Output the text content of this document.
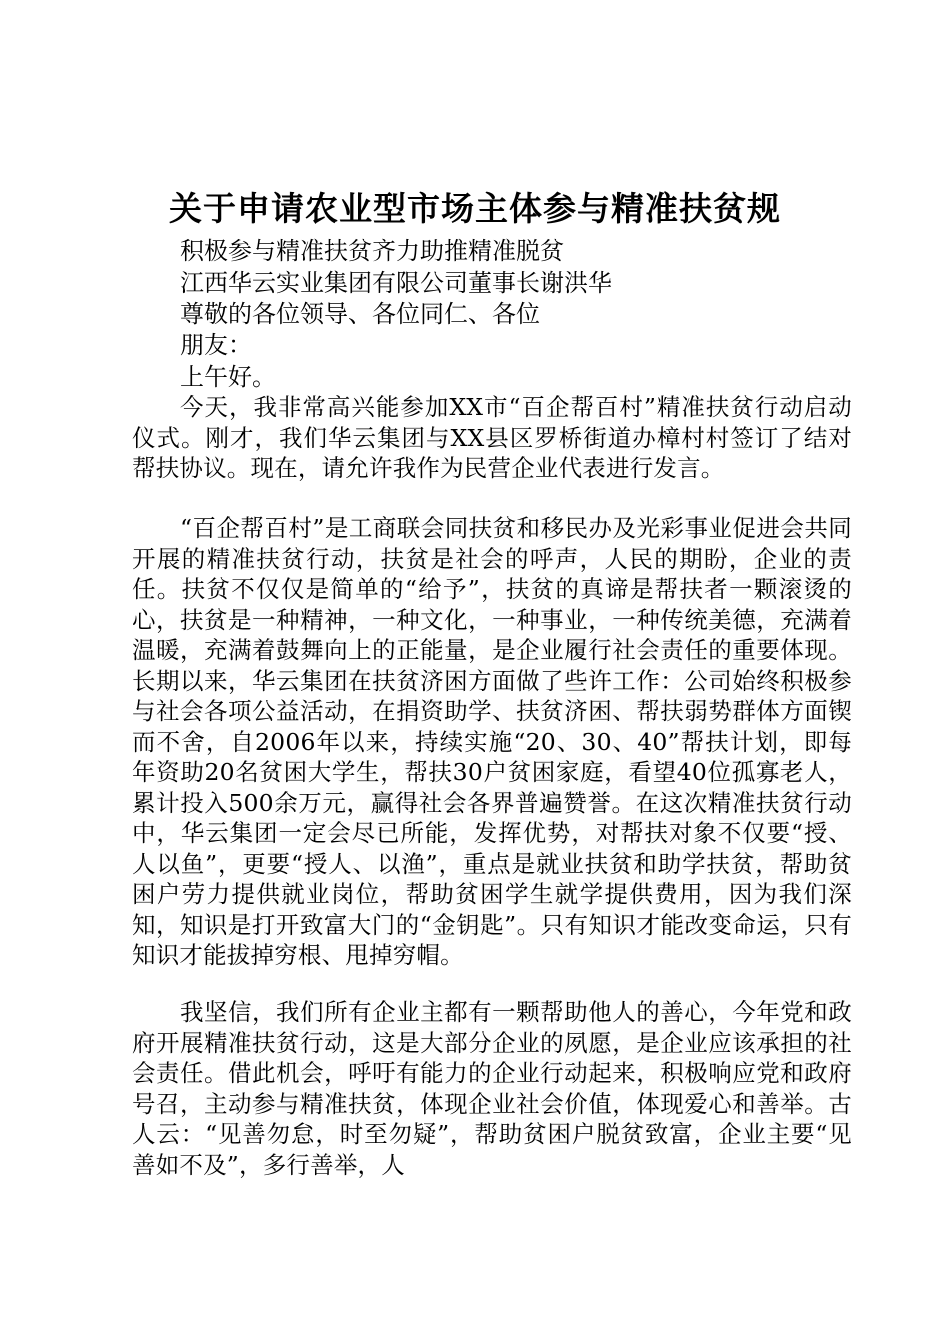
关于申请农业型市场主体参与精准扶贫规

积极参与精准扶贫齐力助推精准脱贫

江西华云实业集团有限公司董事长谢洪华

尊敬的各位领导、各位同仁、各位

朋友：

上午好。

今天，我非常高兴能参加XX市“百企帮百村”精准扶贫行动启动仪式。刚才，我们华云集团与XX县区罗桥街道办樟村村签订了结对帮扶协议。现在，请允许我作为民营企业代表进行发言。

“百企帮百村”是工商联会同扶贫和移民办及光彩事业促进会共同开展的精准扶贫行动，扶贫是社会的呼声，人民的期盼，企业的责任。扶贫不仅仅是简单的“给予”，扶贫的真谛是帮扶者一颗滚烫的心，扶贫是一种精神，一种文化，一种事业，一种传统美德，充满着温暖，充满着鼓舞向上的正能量，是企业履行社会责任的重要体现。长期以来，华云集团在扶贫济困方面做了些许工作：公司始终积极参与社会各项公益活动，在捐资助学、扶贫济困、帮扶弱势群体方面锲而不舍，自2006年以来，持续实施“20、30、40”帮扶计划，即每年资助20名贫困大学生，帮扶30户贫困家庭，看望40位孤寡老人，累计投入500余万元，赢得社会各界普遍赞誉。在这次精准扶贫行动中，华云集团一定会尽已所能，发挥优势，对帮扶对象不仅要“授、人以鱼”，更要“授人、以渔”，重点是就业扶贫和助学扶贫，帮助贫困户劳力提供就业岗位，帮助贫困学生就学提供费用，因为我们深知，知识是打开致富大门的“金钥匙”。只有知识才能改变命运，只有知识才能拔掉穷根、甩掉穷帽。

我坚信，我们所有企业主都有一颗帮助他人的善心，今年党和政府开展精准扶贫行动，这是大部分企业的夙愿，是企业应该承担的社会责任。借此机会，呼吁有能力的企业行动起来，积极响应党和政府号召，主动参与精准扶贫，体现企业社会价值，体现爱心和善举。古人云：“见善勿怠，时至勿疑”，帮助贫困户脱贫致富，企业主要“见善如不及”，多行善举，人
